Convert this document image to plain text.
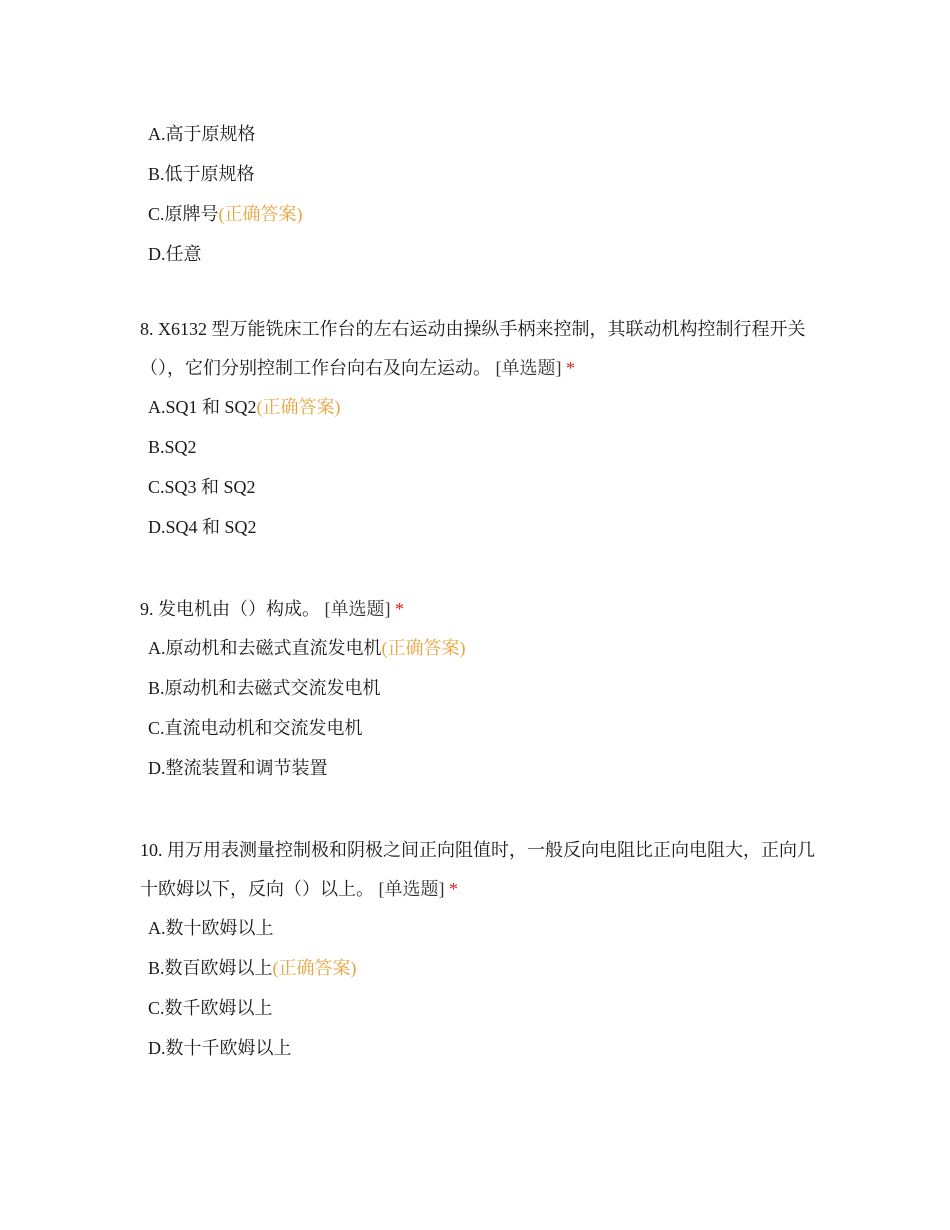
A.高于原规格
B.低于原规格
C.原牌号(正确答案)
D.任意

8. X6132 型万能铣床工作台的左右运动由操纵手柄来控制，其联动机构控制行程开关（），它们分别控制工作台向右及向左运动。 [单选题] *

A.SQ1 和 SQ2(正确答案)
B.SQ2
C.SQ3 和 SQ2
D.SQ4 和 SQ2

9. 发电机由（）构成。 [单选题] *

A.原动机和去磁式直流发电机(正确答案)
B.原动机和去磁式交流发电机
C.直流电动机和交流发电机
D.整流装置和调节装置

10. 用万用表测量控制极和阴极之间正向阻值时，一般反向电阻比正向电阻大，正向几十欧姆以下，反向（）以上。 [单选题] *

A.数十欧姆以上
B.数百欧姆以上(正确答案)
C.数千欧姆以上
D.数十千欧姆以上
